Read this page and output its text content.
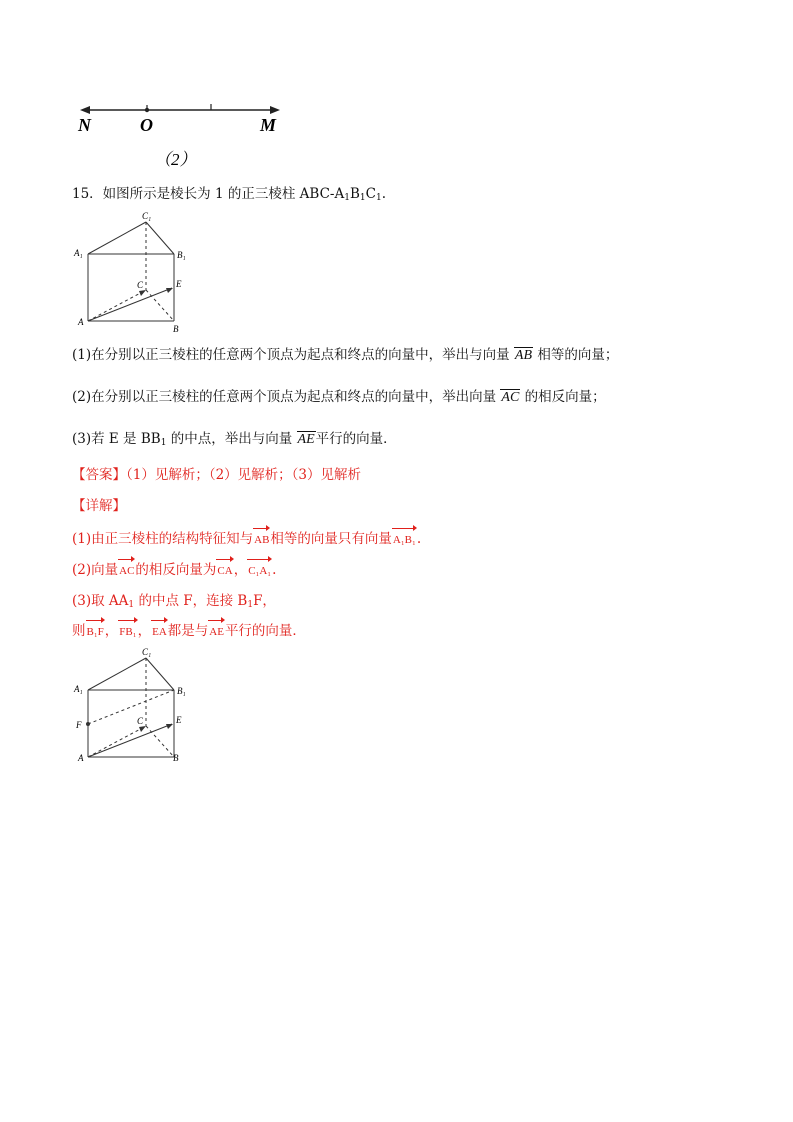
N	O	M
（2）
15．如图所示是棱长为 1 的正三棱柱 ABC-$A_1B_1C_1$.
C₁
A₁	B₁
C	E
A
B
(1)在分别以正三棱柱的任意两个顶点为起点和终点的向量中，举出与向量
AB 相等的向量；
(2)在分别以正三棱柱的任意两个顶点为起点和终点的向量中，举出向量
AC 的相反向量；
(3)若 E 是 $BB_1$ 的中点，举出与向量
AE平行的向量．
【答案】（1）见解析；（2）见解析；（3）见解析
【详解】
(1)由正三棱柱的结构特征知与
AB相等的向量只有向量
A₁B₁.
(2)向量
AC的相反向量为
CA，
C₁A₁.
(3)取 $AA_1$ 的中点 F，连接 $B_1F$，
则
B₁F，
FB₁，
EA都是与
AE平行的向量．
C₁
A₁	B₁
F	C	E
A	B
